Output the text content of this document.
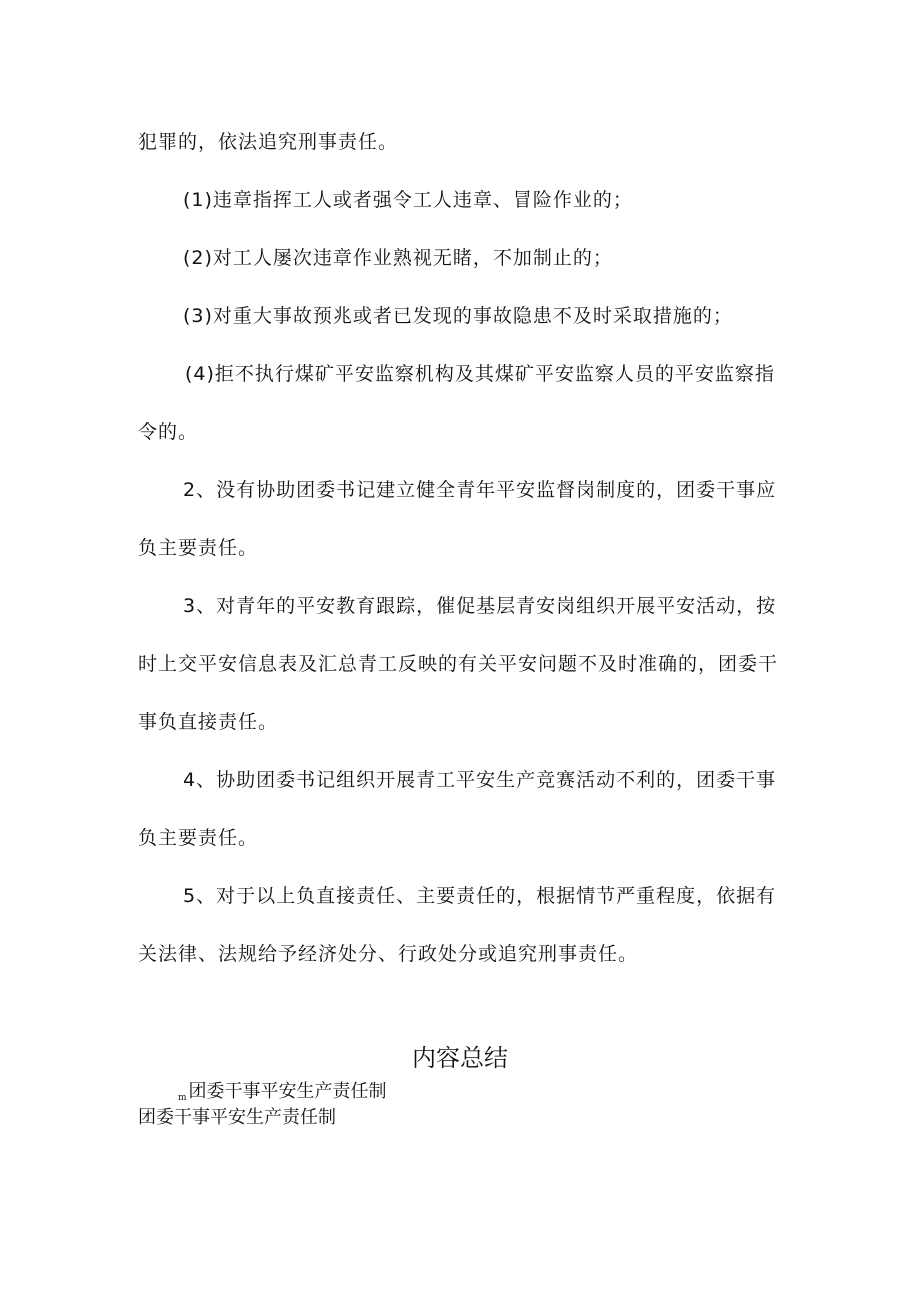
犯罪的，依法追究刑事责任。
(1)违章指挥工人或者强令工人违章、冒险作业的；
(2)对工人屡次违章作业熟视无睹，不加制止的；
(3)对重大事故预兆或者已发现的事故隐患不及时采取措施的；
(4)拒不执行煤矿平安监察机构及其煤矿平安监察人员的平安监察指
令的。
2、没有协助团委书记建立健全青年平安监督岗制度的，团委干事应
负主要责任。
3、对青年的平安教育跟踪，催促基层青安岗组织开展平安活动，按
时上交平安信息表及汇总青工反映的有关平安问题不及时准确的，团委干
事负直接责任。
4、协助团委书记组织开展青工平安生产竞赛活动不利的，团委干事
负主要责任。
5、对于以上负直接责任、主要责任的，根据情节严重程度，依据有
关法律、法规给予经济处分、行政处分或追究刑事责任。
内容总结
m 团委干事平安生产责任制
团委干事平安生产责任制
